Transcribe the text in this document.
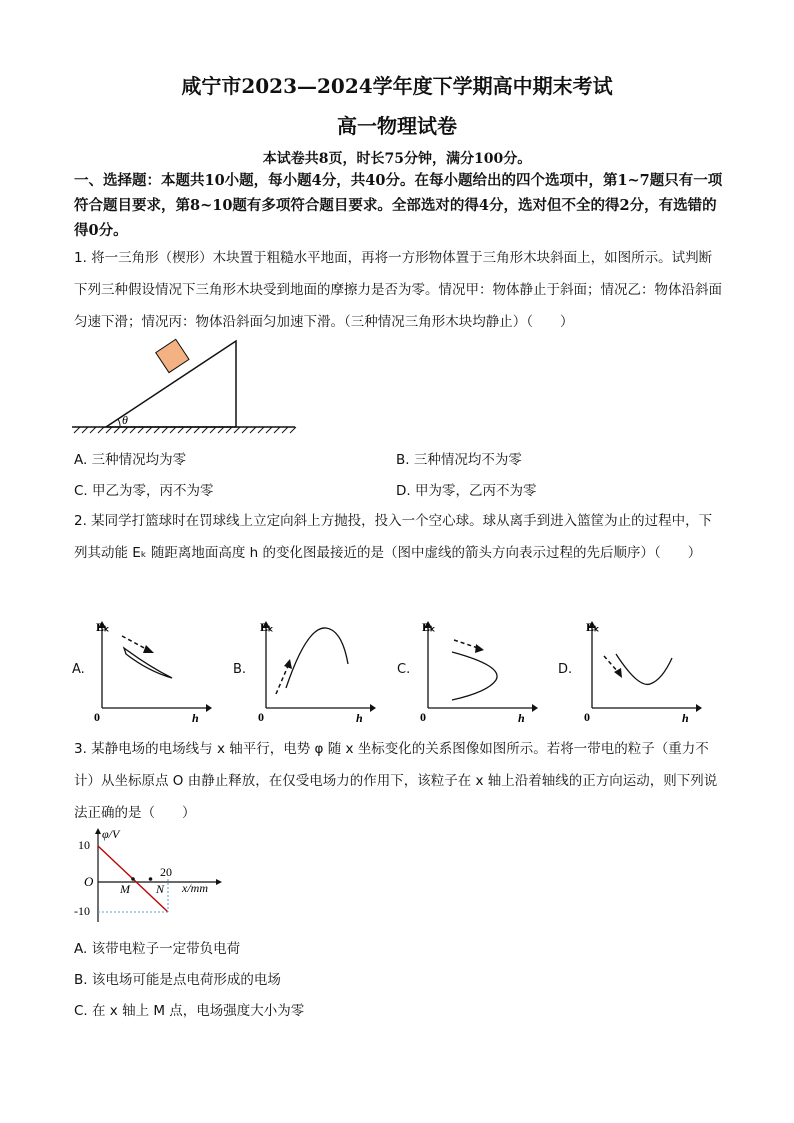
咸宁市2023—2024学年度下学期高中期末考试
高一物理试卷
本试卷共8页，时长75分钟，满分100分。
一、选择题：本题共10小题，每小题4分，共40分。在每小题给出的四个选项中，第1~7题只有一项符合题目要求，第8~10题有多项符合题目要求。全部选对的得4分，选对但不全的得2分，有选错的得0分。
1. 将一三角形（楔形）木块置于粗糙水平地面，再将一方形物体置于三角形木块斜面上，如图所示。试判断下列三种假设情况下三角形木块受到地面的摩擦力是否为零。情况甲：物体静止于斜面；情况乙：物体沿斜面匀速下滑；情况丙：物体沿斜面匀加速下滑。（三种情况三角形木块均静止）（　　）
θ
A. 三种情况均为零	B. 三种情况均不为零
C. 甲乙为零，丙不为零	D. 甲为零，乙丙不为零
2. 某同学打篮球时在罚球线上立定向斜上方抛投，投入一个空心球。球从离手到进入篮筐为止的过程中，下列其动能 Eₖ 随距离地面高度 h 的变化图最接近的是（图中虚线的箭头方向表示过程的先后顺序）（　　）
A.
Eₖ
0	h
B.
Eₖ
0	h
C.
Eₖ
0	h
D.
Eₖ
0	h
3. 某静电场的电场线与 x 轴平行，电势 φ 随 x 坐标变化的关系图像如图所示。若将一带电的粒子（重力不计）从坐标原点 O 由静止释放，在仅受电场力的作用下，该粒子在 x 轴上沿着轴线的正方向运动，则下列说法正确的是（　　）
φ/V
x/mm
O
10
-10
20
M N
A. 该带电粒子一定带负电荷
B. 该电场可能是点电荷形成的电场
C. 在 x 轴上 M 点，电场强度大小为零
